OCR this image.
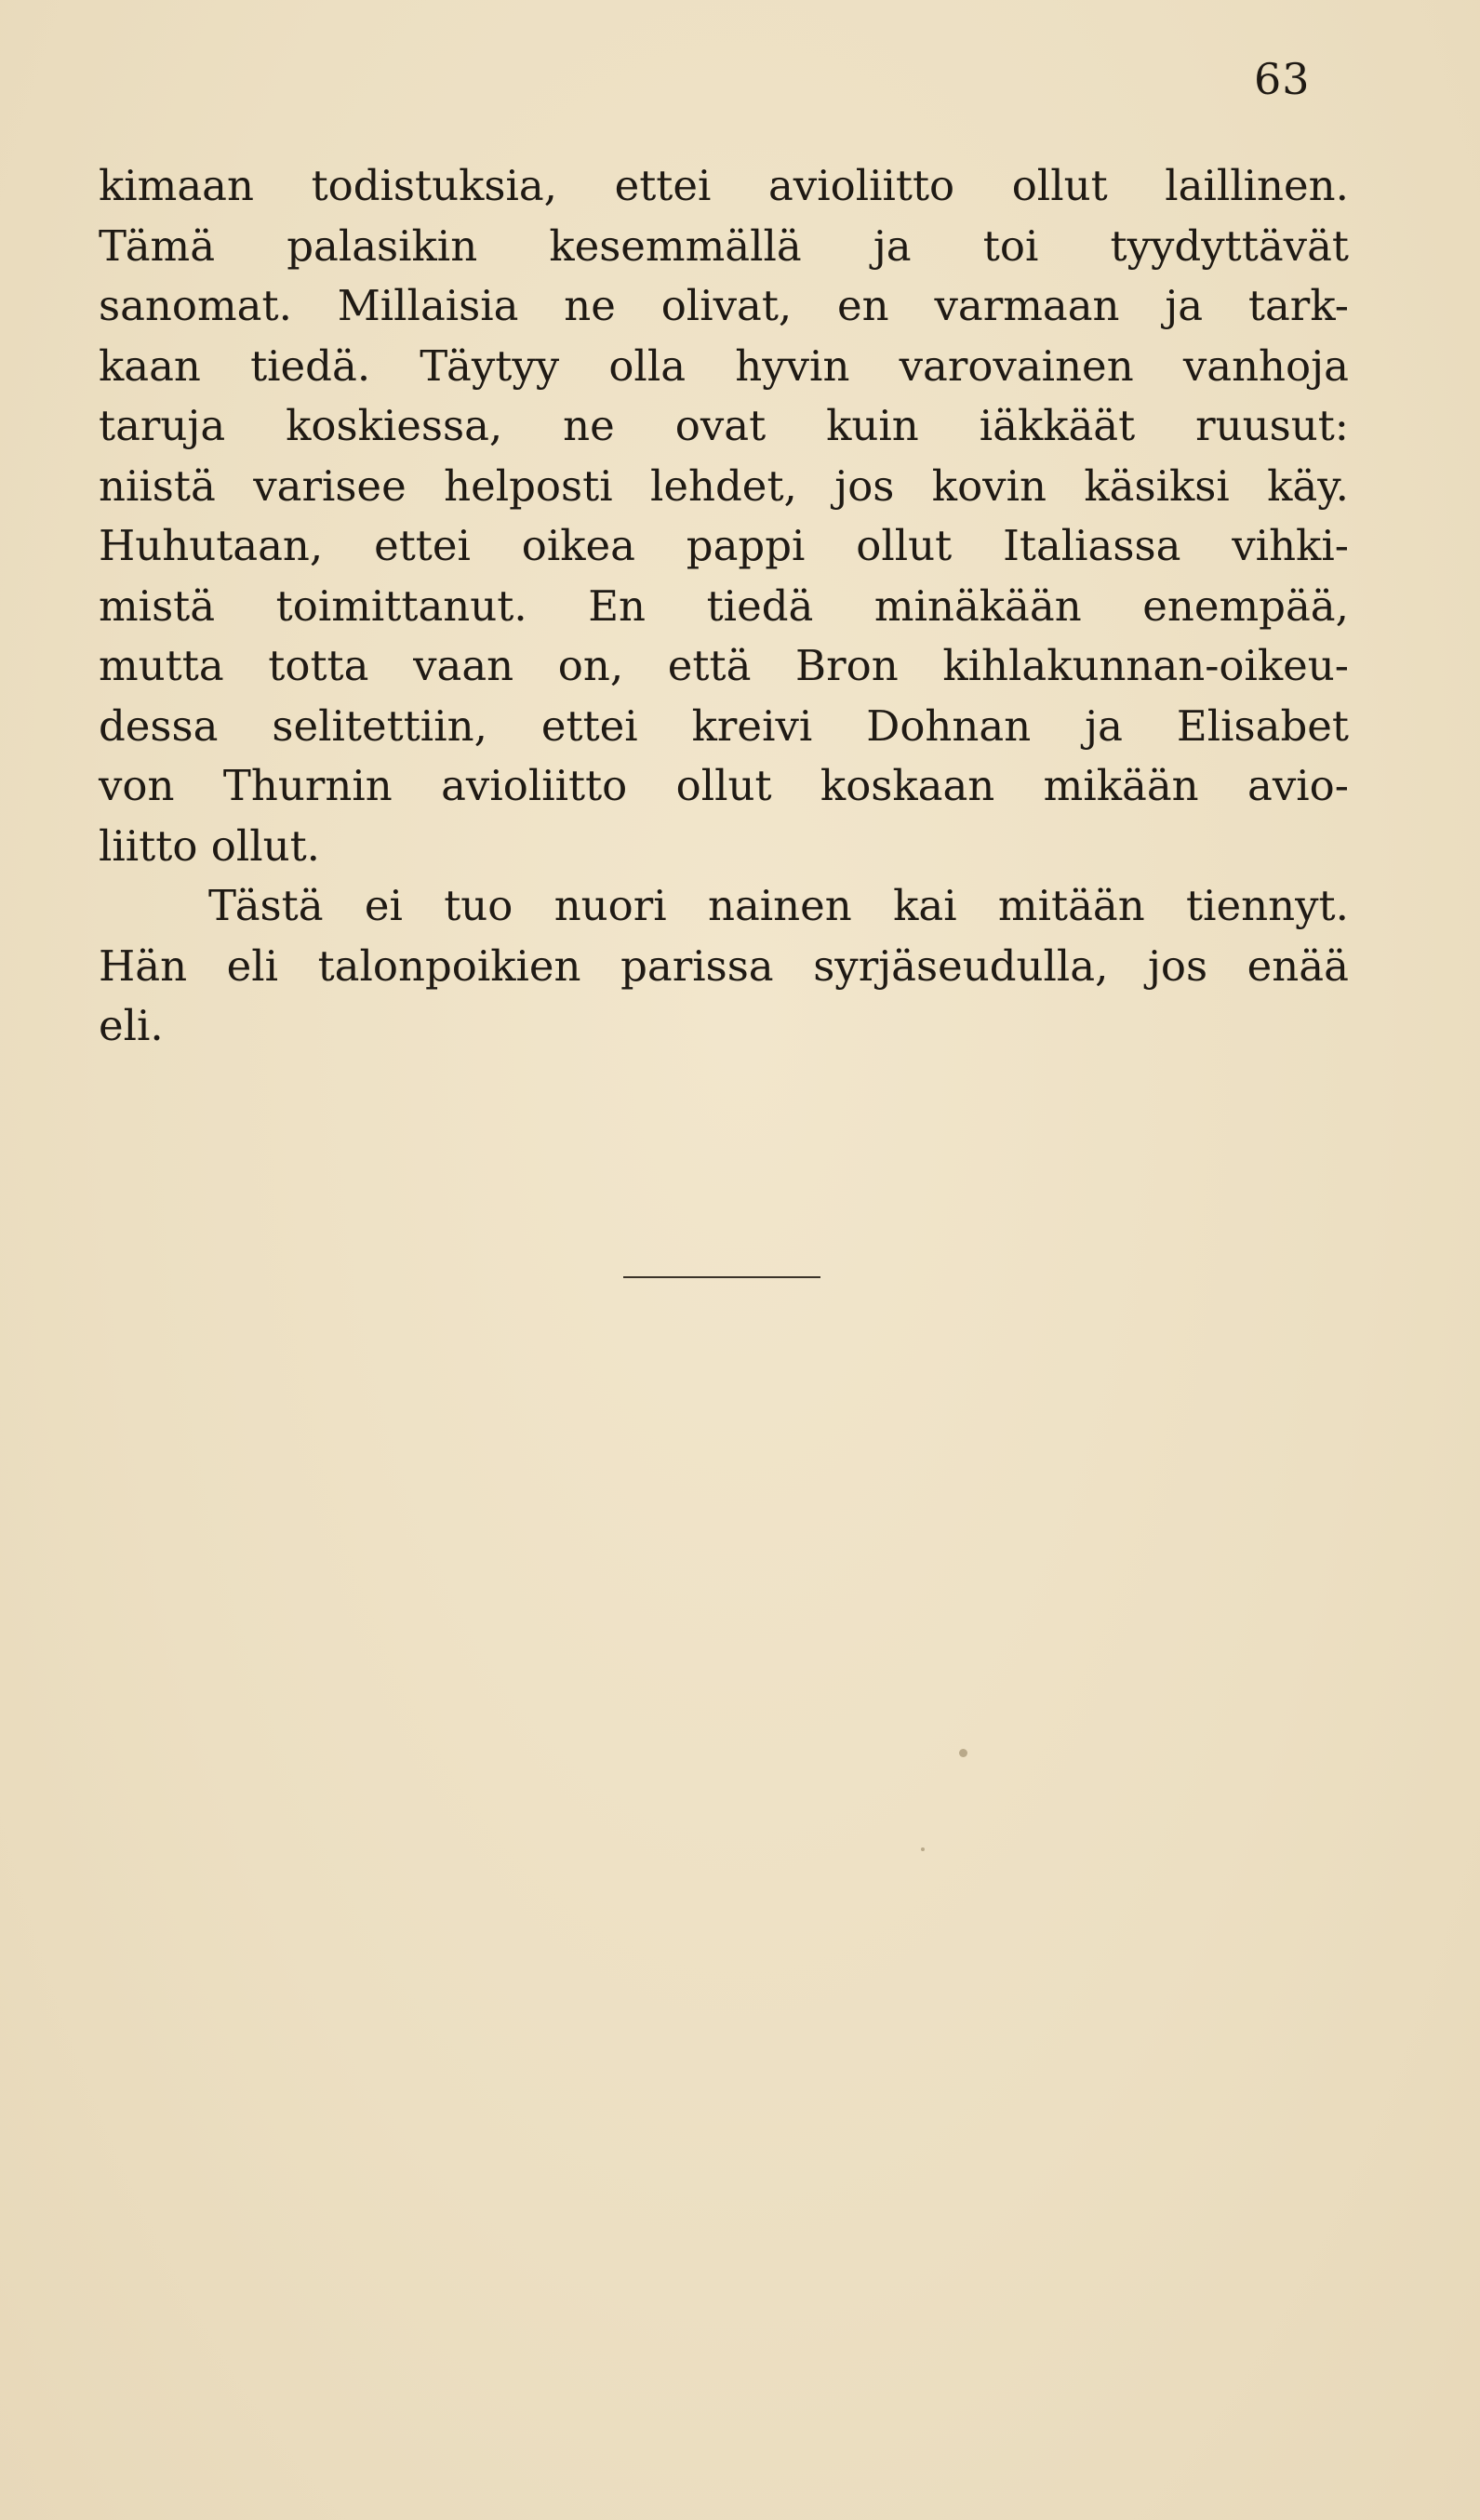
63
kimaan todistuksia, ettei avioliitto ollut laillinen.
Tämä palasikin kesemmällä ja toi tyydyttävät
sanomat. Millaisia ne olivat, en varmaan ja tark-
kaan tiedä. Täytyy olla hyvin varovainen vanhoja
taruja koskiessa, ne ovat kuin iäkkäät ruusut:
niistä varisee helposti lehdet, jos kovin käsiksi käy.
Huhutaan, ettei oikea pappi ollut Italiassa vihki-
mistä toimittanut. En tiedä minäkään enempää,
mutta totta vaan on, että Bron kihlakunnan-oikeu-
dessa selitettiin, ettei kreivi Dohnan ja Elisabet
von Thurnin avioliitto ollut koskaan mikään avio-
liitto ollut.
Tästä ei tuo nuori nainen kai mitään tiennyt.
Hän eli talonpoikien parissa syrjäseudulla, jos enää
eli.
